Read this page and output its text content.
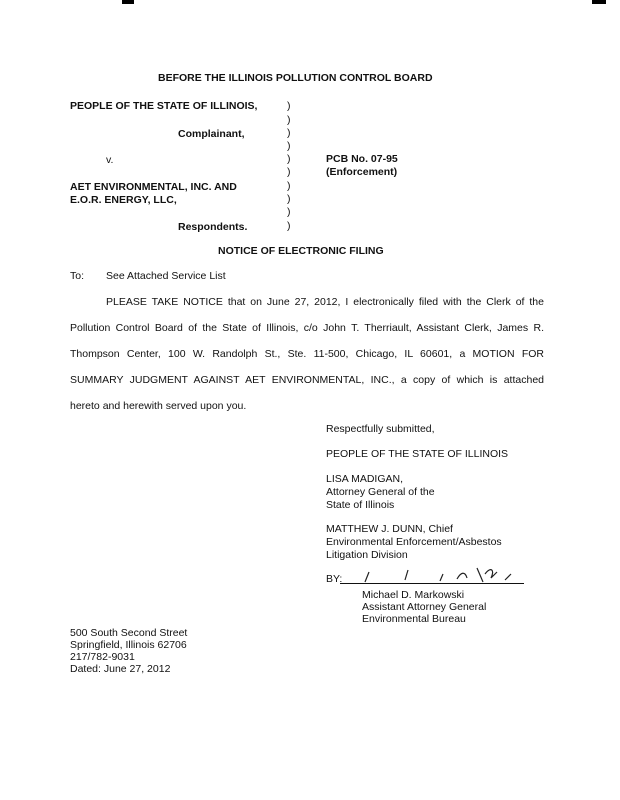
BEFORE THE ILLINOIS POLLUTION CONTROL BOARD
PEOPLE OF THE STATE OF ILLINOIS,
Complainant,
v.
AET ENVIRONMENTAL, INC. AND
E.O.R. ENERGY, LLC,
Respondents.
)
)
)
)
)
)
)
)
)
)
PCB No. 07-95
(Enforcement)
NOTICE OF ELECTRONIC FILING
To: See Attached Service List
PLEASE TAKE NOTICE that on June 27, 2012, I electronically filed with the Clerk of the
Pollution Control Board of the State of Illinois, c/o John T. Therriault, Assistant Clerk, James R.
Thompson Center, 100 W. Randolph St., Ste. 11-500, Chicago, IL 60601, a MOTION FOR
SUMMARY JUDGMENT AGAINST AET ENVIRONMENTAL, INC., a copy of which is attached
hereto and herewith served upon you.
Respectfully submitted,
PEOPLE OF THE STATE OF ILLINOIS
LISA MADIGAN,
Attorney General of the
State of Illinois
MATTHEW J. DUNN, Chief
Environmental Enforcement/Asbestos
Litigation Division
BY:
Michael D. Markowski
Assistant Attorney General
Environmental Bureau
500 South Second Street
Springfield, Illinois 62706
217/782-9031
Dated: June 27, 2012
